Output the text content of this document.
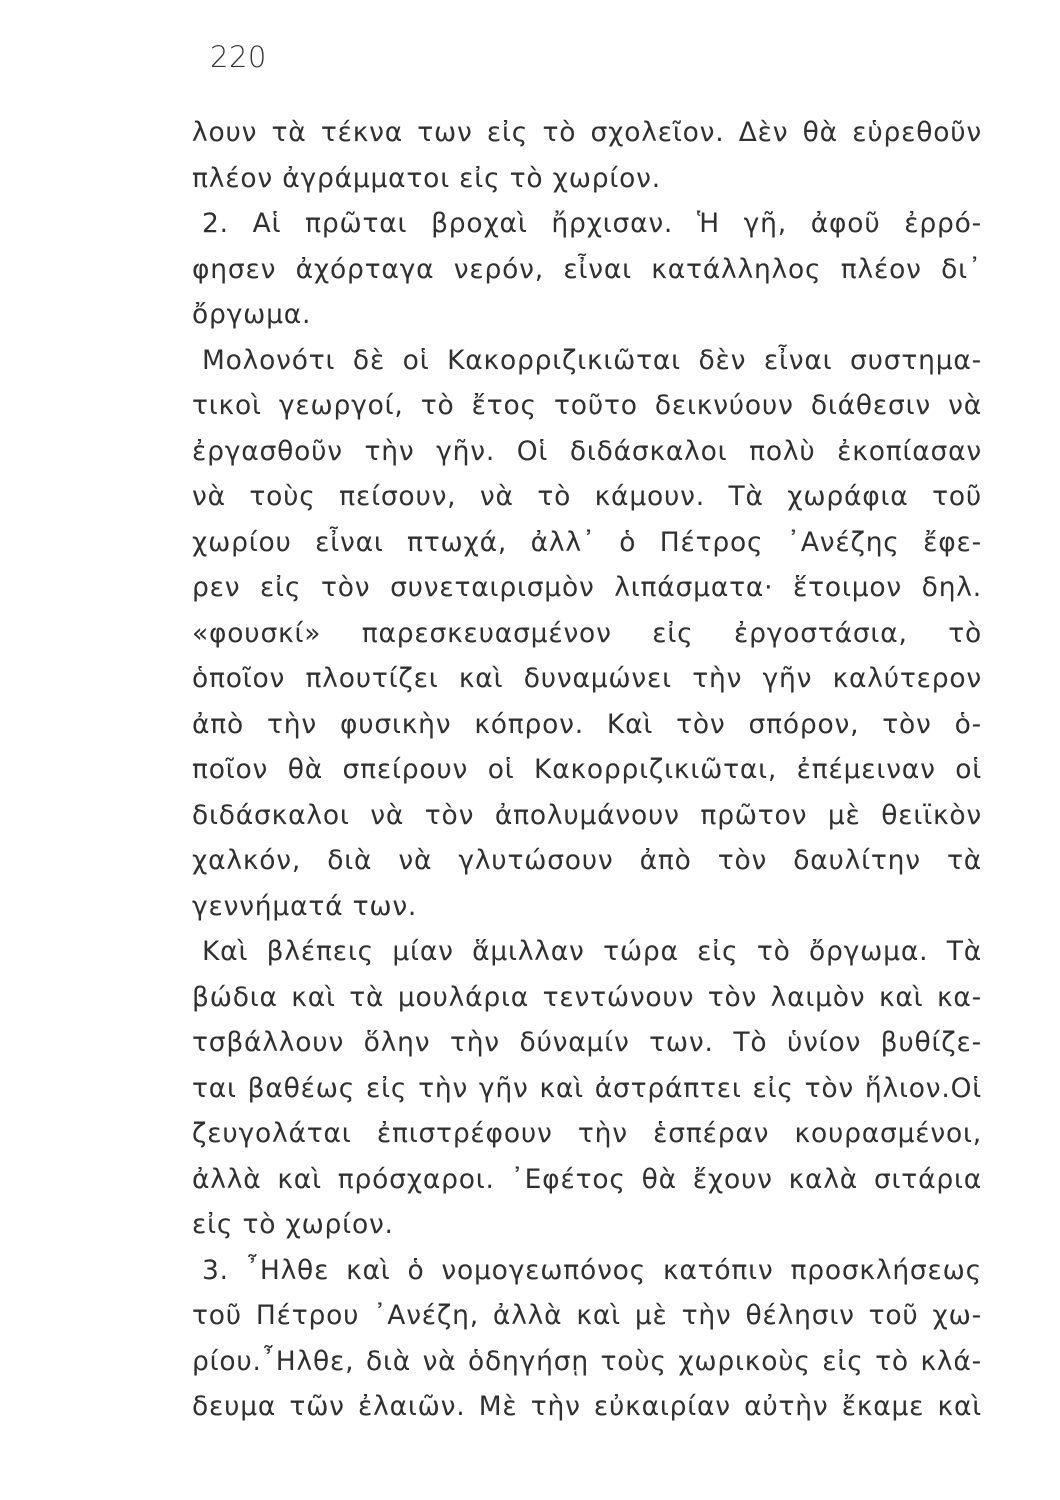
220
λουν τὰ τέκνα των εἰς τὸ σχολεῖον. Δὲν θὰ εὑρεθοῦν
πλέον ἀγράμματοι εἰς τὸ χωρίον.
2. Αἱ πρῶται βροχαὶ ἤρχισαν. Ἡ γῆ, ἀφοῦ ἐρρό-
φησεν ἀχόρταγα νερόν, εἶναι κατάλληλος πλέον δι᾽
ὄργωμα.
Μολονότι δὲ οἱ Κακορριζικιῶται δὲν εἶναι συστημα-
τικοὶ γεωργοί, τὸ ἔτος τοῦτο δεικνύουν διάθεσιν νὰ
ἐργασθοῦν τὴν γῆν. Οἱ διδάσκαλοι πολὺ ἐκοπίασαν
νὰ τοὺς πείσουν, νὰ τὸ κάμουν. Τὰ χωράφια τοῦ
χωρίου εἶναι πτωχά, ἀλλ᾽ ὁ Πέτρος ᾽Ανέζης ἔφε-
ρεν εἰς τὸν συνεταιρισμὸν λιπάσματα· ἕτοιμον δηλ.
«φουσκί» παρεσκευασμένον εἰς ἐργοστάσια, τὸ
ὁποῖον πλουτίζει καὶ δυναμώνει τὴν γῆν καλύτερον
ἀπὸ τὴν φυσικὴν κόπρον. Καὶ τὸν σπόρον, τὸν ὁ-
ποῖον θὰ σπείρουν οἱ Κακορριζικιῶται, ἐπέμειναν οἱ
διδάσκαλοι νὰ τὸν ἀπολυμάνουν πρῶτον μὲ θειϊκὸν
χαλκόν, διὰ νὰ γλυτώσουν ἀπὸ τὸν δαυλίτην τὰ
γεννήματά των.
Καὶ βλέπεις μίαν ἅμιλλαν τώρα εἰς τὸ ὄργωμα. Τὰ
βώδια καὶ τὰ μουλάρια τεντώνουν τὸν λαιμὸν καὶ κα-
τσβάλλουν ὅλην τὴν δύναμίν των. Τὸ ὑνίον βυθίζε-
ται βαθέως εἰς τὴν γῆν καὶ ἀστράπτει εἰς τὸν ἥλιον.Οἱ
ζευγολάται ἐπιστρέφουν τὴν ἑσπέραν κουρασμένοι,
ἀλλὰ καὶ πρόσχαροι. ᾽Εφέτος θὰ ἔχουν καλὰ σιτάρια
εἰς τὸ χωρίον.
3. ῏Ηλθε καὶ ὁ νομογεωπόνος κατόπιν προσκλήσεως
τοῦ Πέτρου ᾽Ανέζη, ἀλλὰ καὶ μὲ τὴν θέλησιν τοῦ χω-
ρίου.῏Ηλθε, διὰ νὰ ὁδηγήσῃ τοὺς χωρικοὺς εἰς τὸ κλά-
δευμα τῶν ἐλαιῶν. Μὲ τὴν εὐκαιρίαν αὐτὴν ἔκαμε καὶ
